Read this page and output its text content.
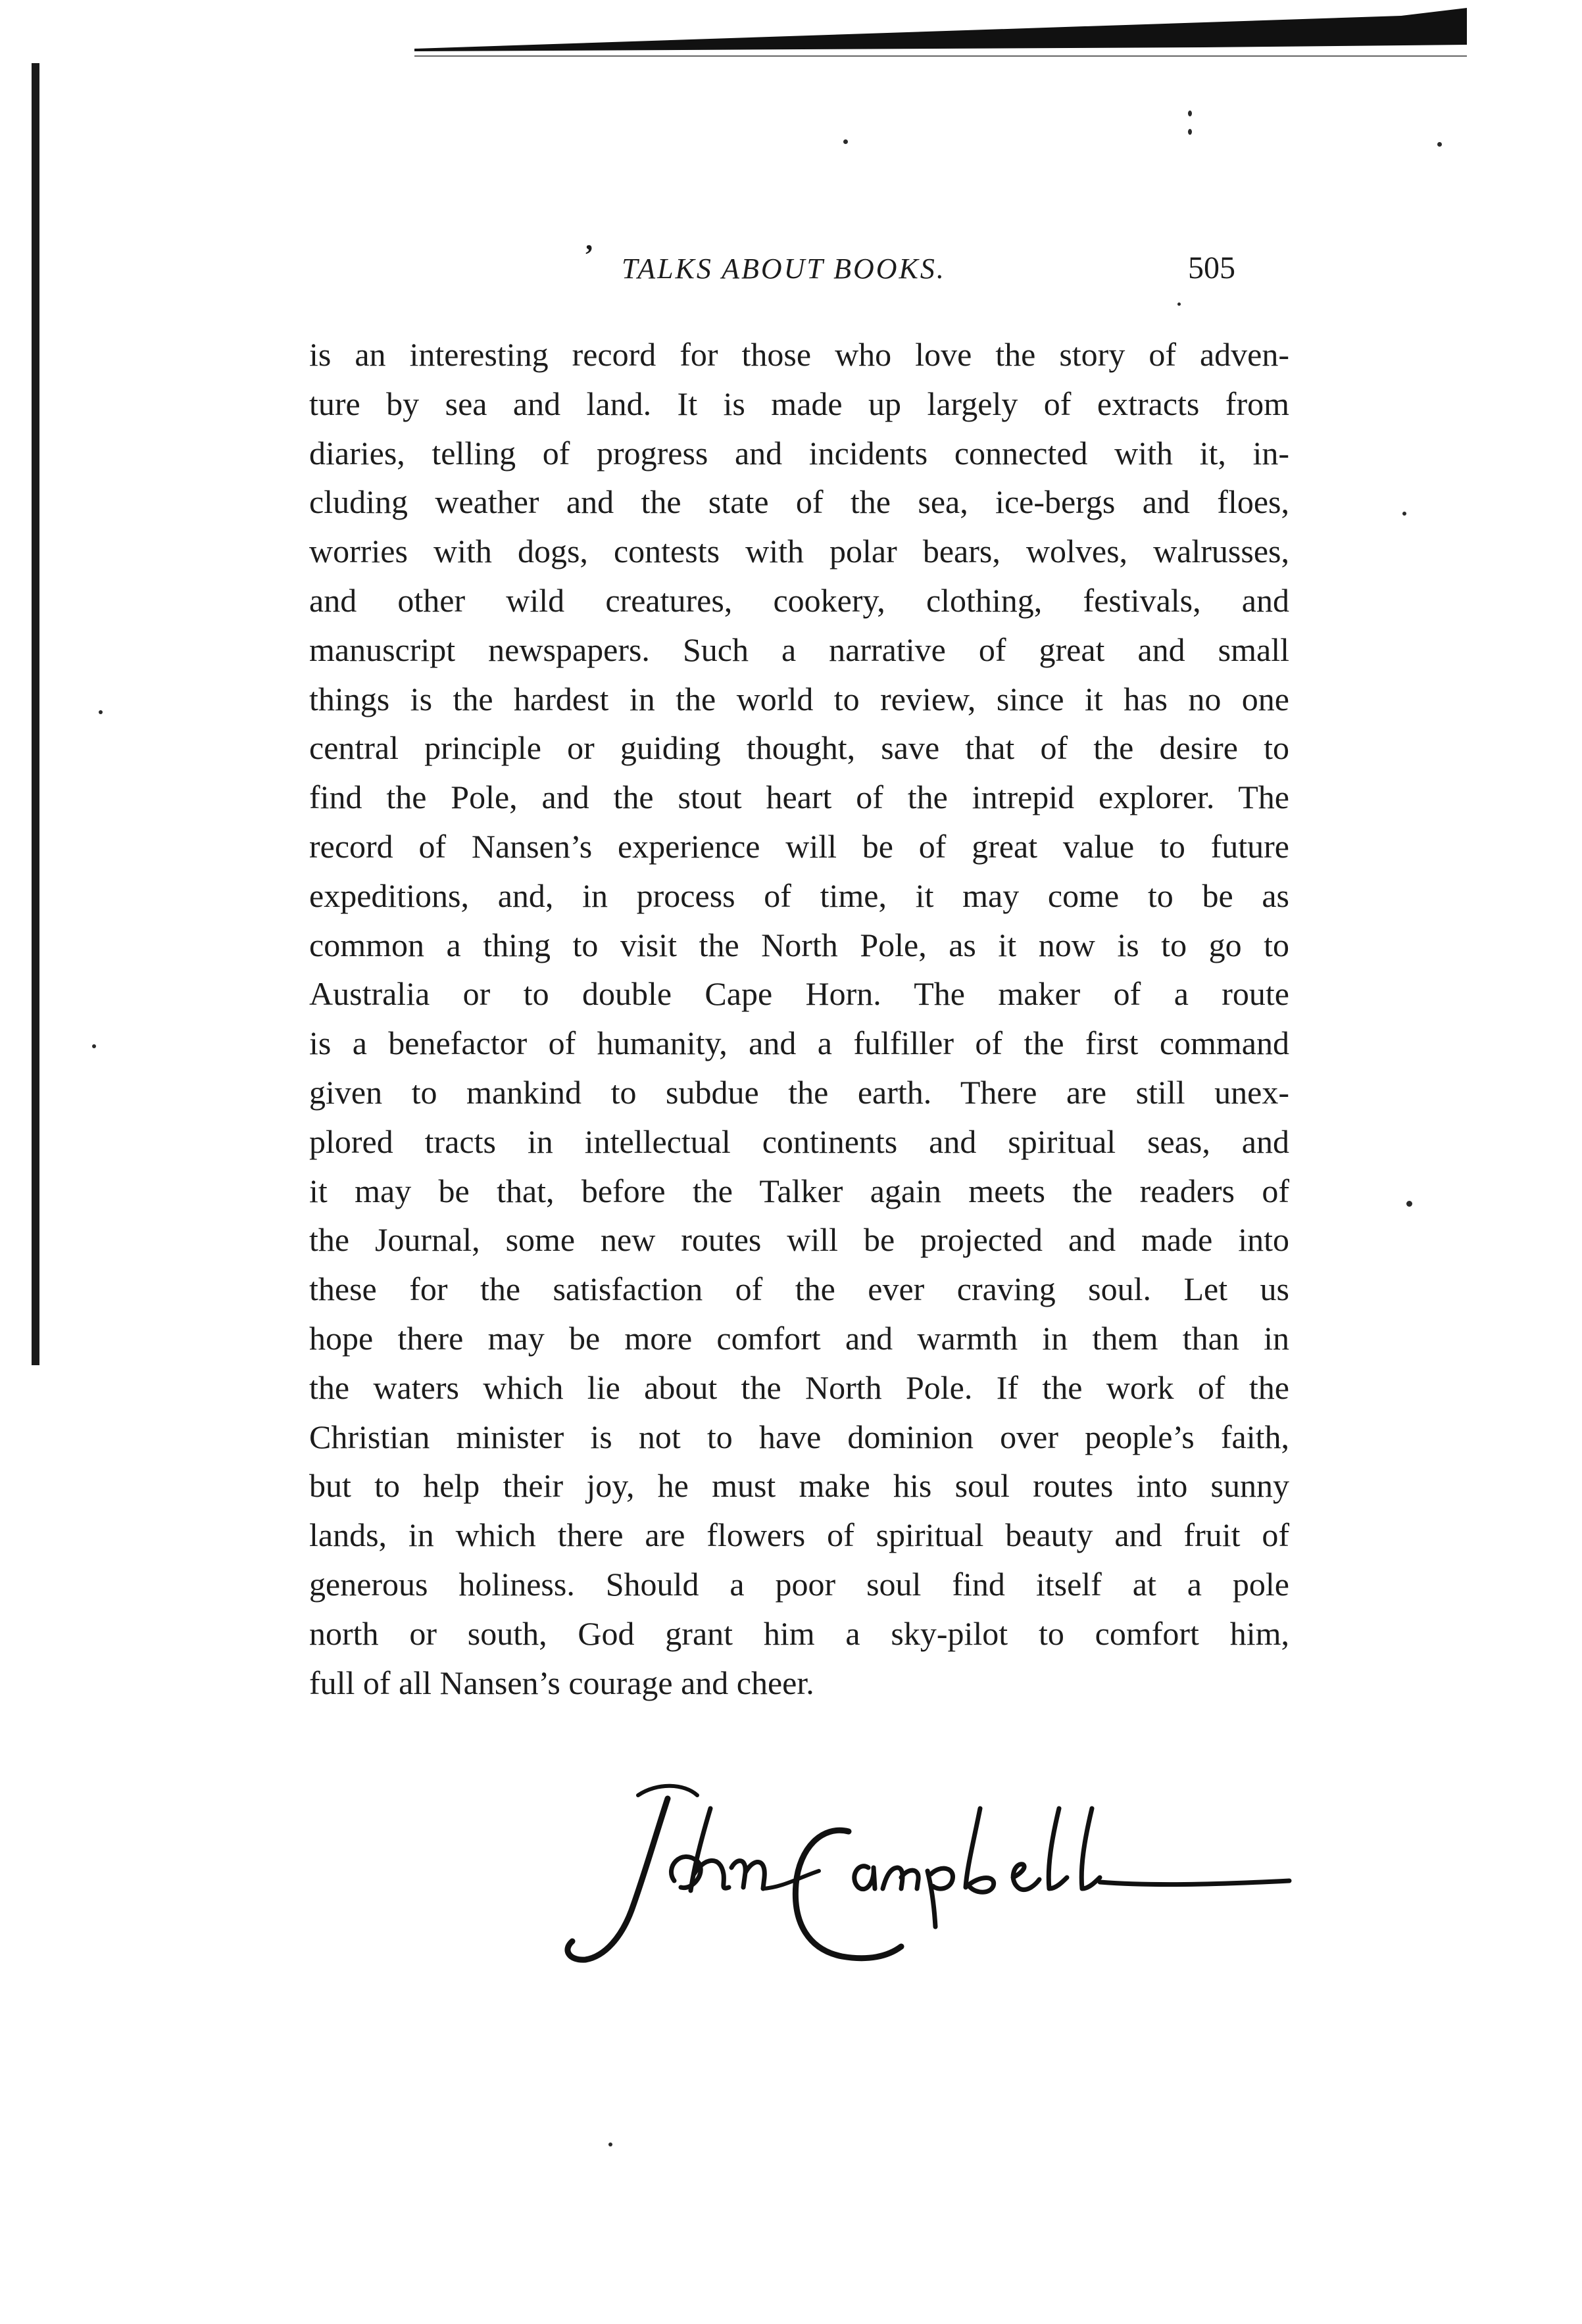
’ TALKS ABOUT BOOKS.	505

is an interesting record for those who love the story of adven-
ture by sea and land. It is made up largely of extracts from
diaries, telling of progress and incidents connected with it, in-
cluding weather and the state of the sea, ice-bergs and floes,
worries with dogs, contests with polar bears, wolves, walrusses,
and other wild creatures, cookery, clothing, festivals, and
manuscript newspapers. Such a narrative of great and small
things is the hardest in the world to review, since it has no one
central principle or guiding thought, save that of the desire to
find the Pole, and the stout heart of the intrepid explorer. The
record of Nansen’s experience will be of great value to future
expeditions, and, in process of time, it may come to be as
common a thing to visit the North Pole, as it now is to go to
Australia or to double Cape Horn. The maker of a route
is a benefactor of humanity, and a fulfiller of the first command
given to mankind to subdue the earth. There are still unex-
plored tracts in intellectual continents and spiritual seas, and
it may be that, before the Talker again meets the readers of
the Journal, some new routes will be projected and made into
these for the satisfaction of the ever craving soul. Let us
hope there may be more comfort and warmth in them than in
the waters which lie about the North Pole. If the work of the
Christian minister is not to have dominion over people’s faith,
but to help their joy, he must make his soul routes into sunny
lands, in which there are flowers of spiritual beauty and fruit of
generous holiness. Should a poor soul find itself at a pole
north or south, God grant him a sky-pilot to comfort him,
full of all Nansen’s courage and cheer.
